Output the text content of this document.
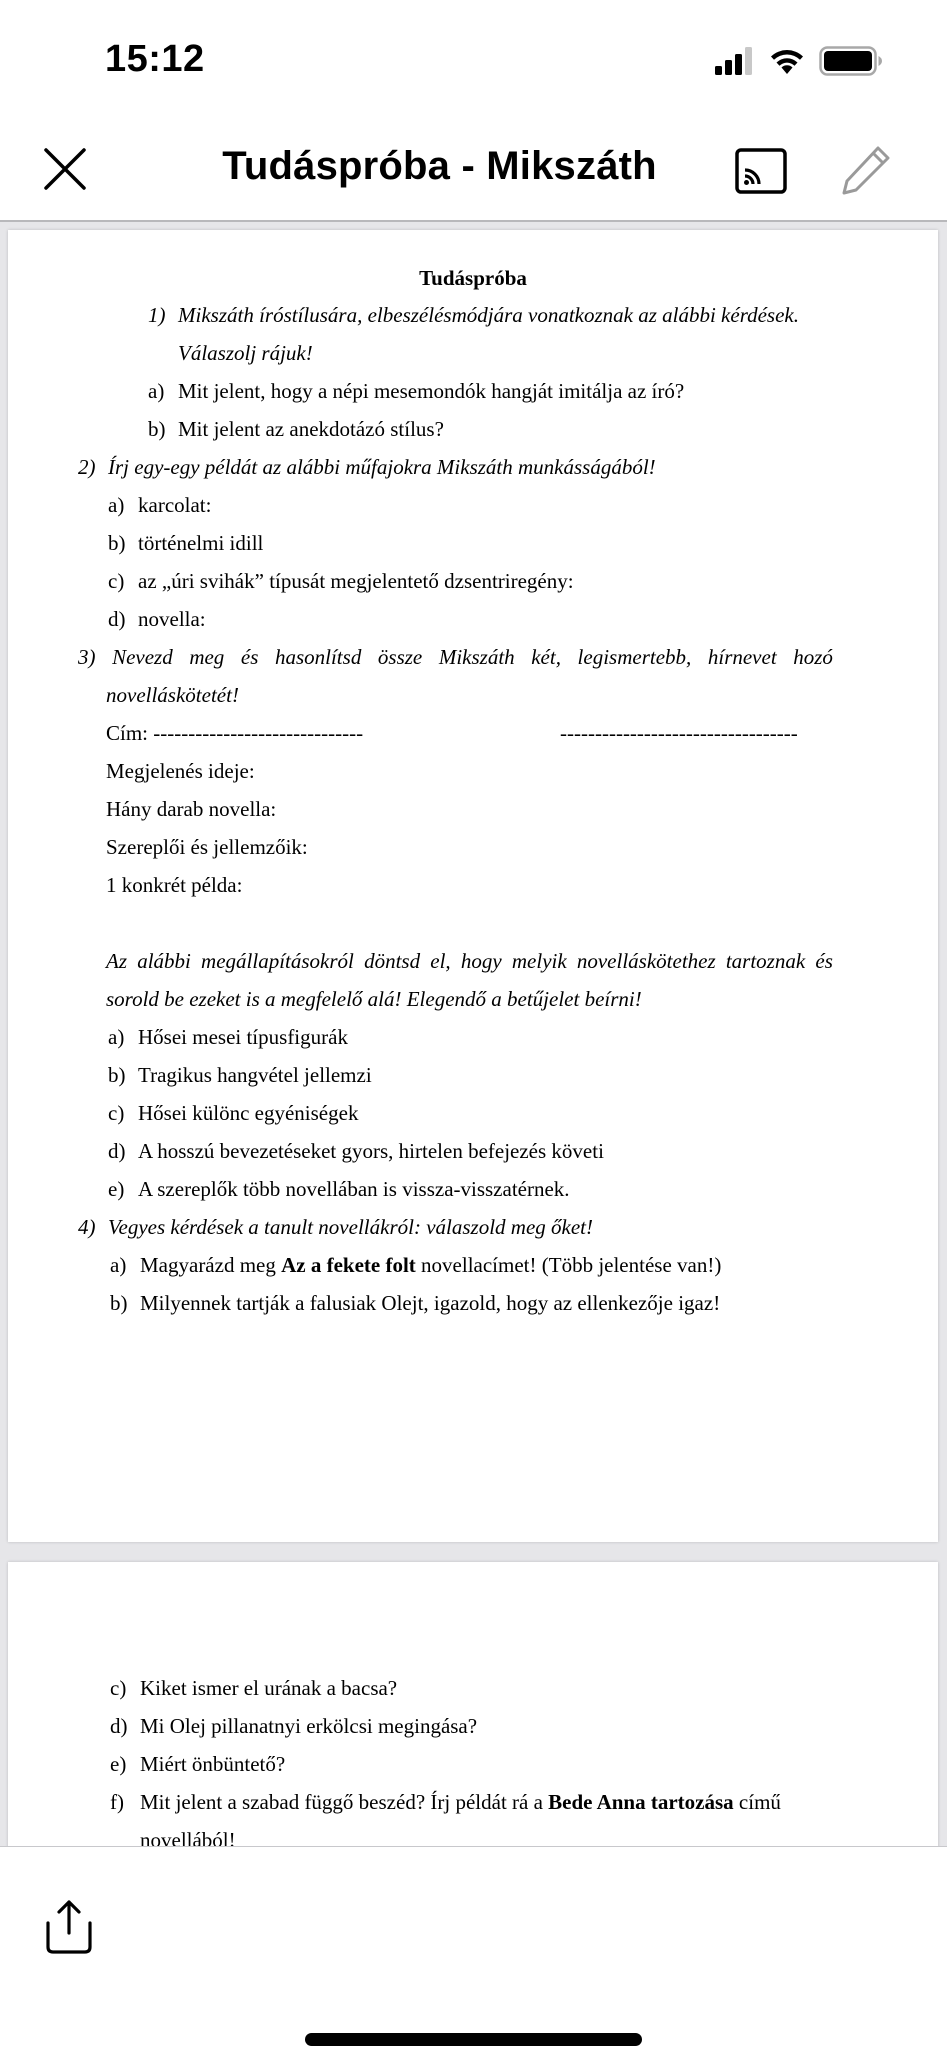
15:12
Tudáspróba - Mikszáth
Tudáspróba
1) Mikszáth íróstílusára, elbeszélésmódjára vonatkoznak az alábbi kérdések.
Válaszolj rájuk!
a) Mit jelent, hogy a népi mesemondók hangját imitálja az író?
b) Mit jelent az anekdotázó stílus?
2) Írj egy-egy példát az alábbi műfajokra Mikszáth munkásságából!
a) karcolat:
b) történelmi idill
c) az „úri svihák” típusát megjelentető dzsentriregény:
d) novella:
3) Nevezd meg és hasonlítsd össze Mikszáth két, legismertebb, hírnevet hozó
novelláskötetét!
Cím: ------------------------------	----------------------------------
Megjelenés ideje:
Hány darab novella:
Szereplői és jellemzőik:
1 konkrét példa:
Az alábbi megállapításokról döntsd el, hogy melyik novelláskötethez tartoznak és
sorold be ezeket is a megfelelő alá! Elegendő a betűjelet beírni!
a) Hősei mesei típusfigurák
b) Tragikus hangvétel jellemzi
c) Hősei különc egyéniségek
d) A hosszú bevezetéseket gyors, hirtelen befejezés követi
e) A szereplők több novellában is vissza-visszatérnek.
4) Vegyes kérdések a tanult novellákról: válaszold meg őket!
a) Magyarázd meg Az a fekete folt novellacímet! (Több jelentése van!)
b) Milyennek tartják a falusiak Olejt, igazold, hogy az ellenkezője igaz!
c) Kiket ismer el urának a bacsa?
d) Mi Olej pillanatnyi erkölcsi megingása?
e) Miért önbüntető?
f) Mit jelent a szabad függő beszéd? Írj példát rá a Bede Anna tartozása című
novellából!
